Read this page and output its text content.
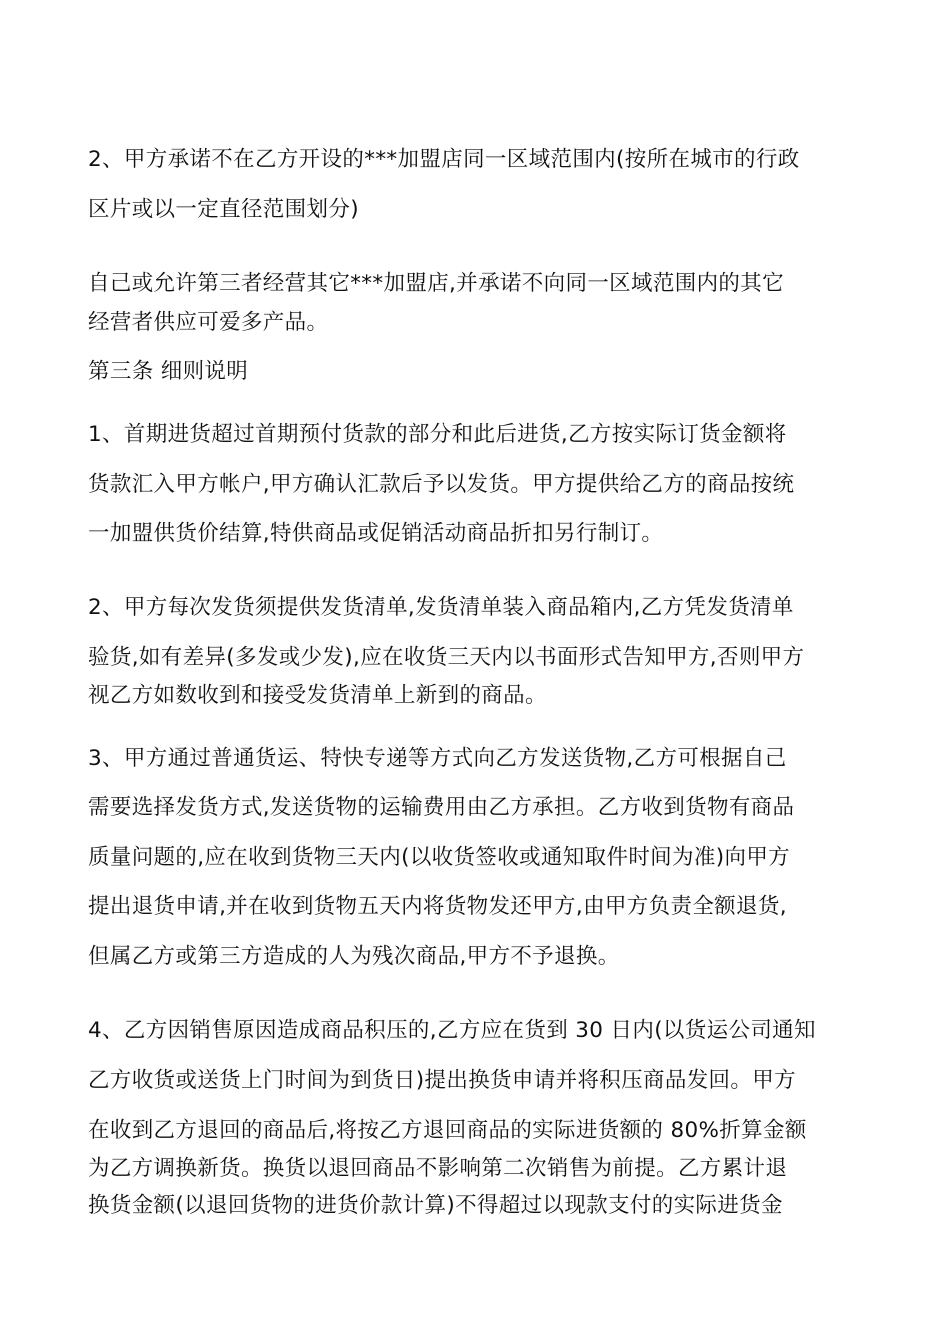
2、甲方承诺不在乙方开设的***加盟店同一区域范围内(按所在城市的行政
区片或以一定直径范围划分)
自己或允许第三者经营其它***加盟店,并承诺不向同一区域范围内的其它
经营者供应可爱多产品。
第三条 细则说明
1、首期进货超过首期预付货款的部分和此后进货,乙方按实际订货金额将
货款汇入甲方帐户,甲方确认汇款后予以发货。甲方提供给乙方的商品按统
一加盟供货价结算,特供商品或促销活动商品折扣另行制订。
2、甲方每次发货须提供发货清单,发货清单装入商品箱内,乙方凭发货清单
验货,如有差异(多发或少发),应在收货三天内以书面形式告知甲方,否则甲方
视乙方如数收到和接受发货清单上新到的商品。
3、甲方通过普通货运、特快专递等方式向乙方发送货物,乙方可根据自己
需要选择发货方式,发送货物的运输费用由乙方承担。乙方收到货物有商品
质量问题的,应在收到货物三天内(以收货签收或通知取件时间为准)向甲方
提出退货申请,并在收到货物五天内将货物发还甲方,由甲方负责全额退货,
但属乙方或第三方造成的人为残次商品,甲方不予退换。
4、乙方因销售原因造成商品积压的,乙方应在货到 30 日内(以货运公司通知
乙方收货或送货上门时间为到货日)提出换货申请并将积压商品发回。甲方
在收到乙方退回的商品后,将按乙方退回商品的实际进货额的 80%折算金额
为乙方调换新货。换货以退回商品不影响第二次销售为前提。乙方累计退
换货金额(以退回货物的进货价款计算)不得超过以现款支付的实际进货金
